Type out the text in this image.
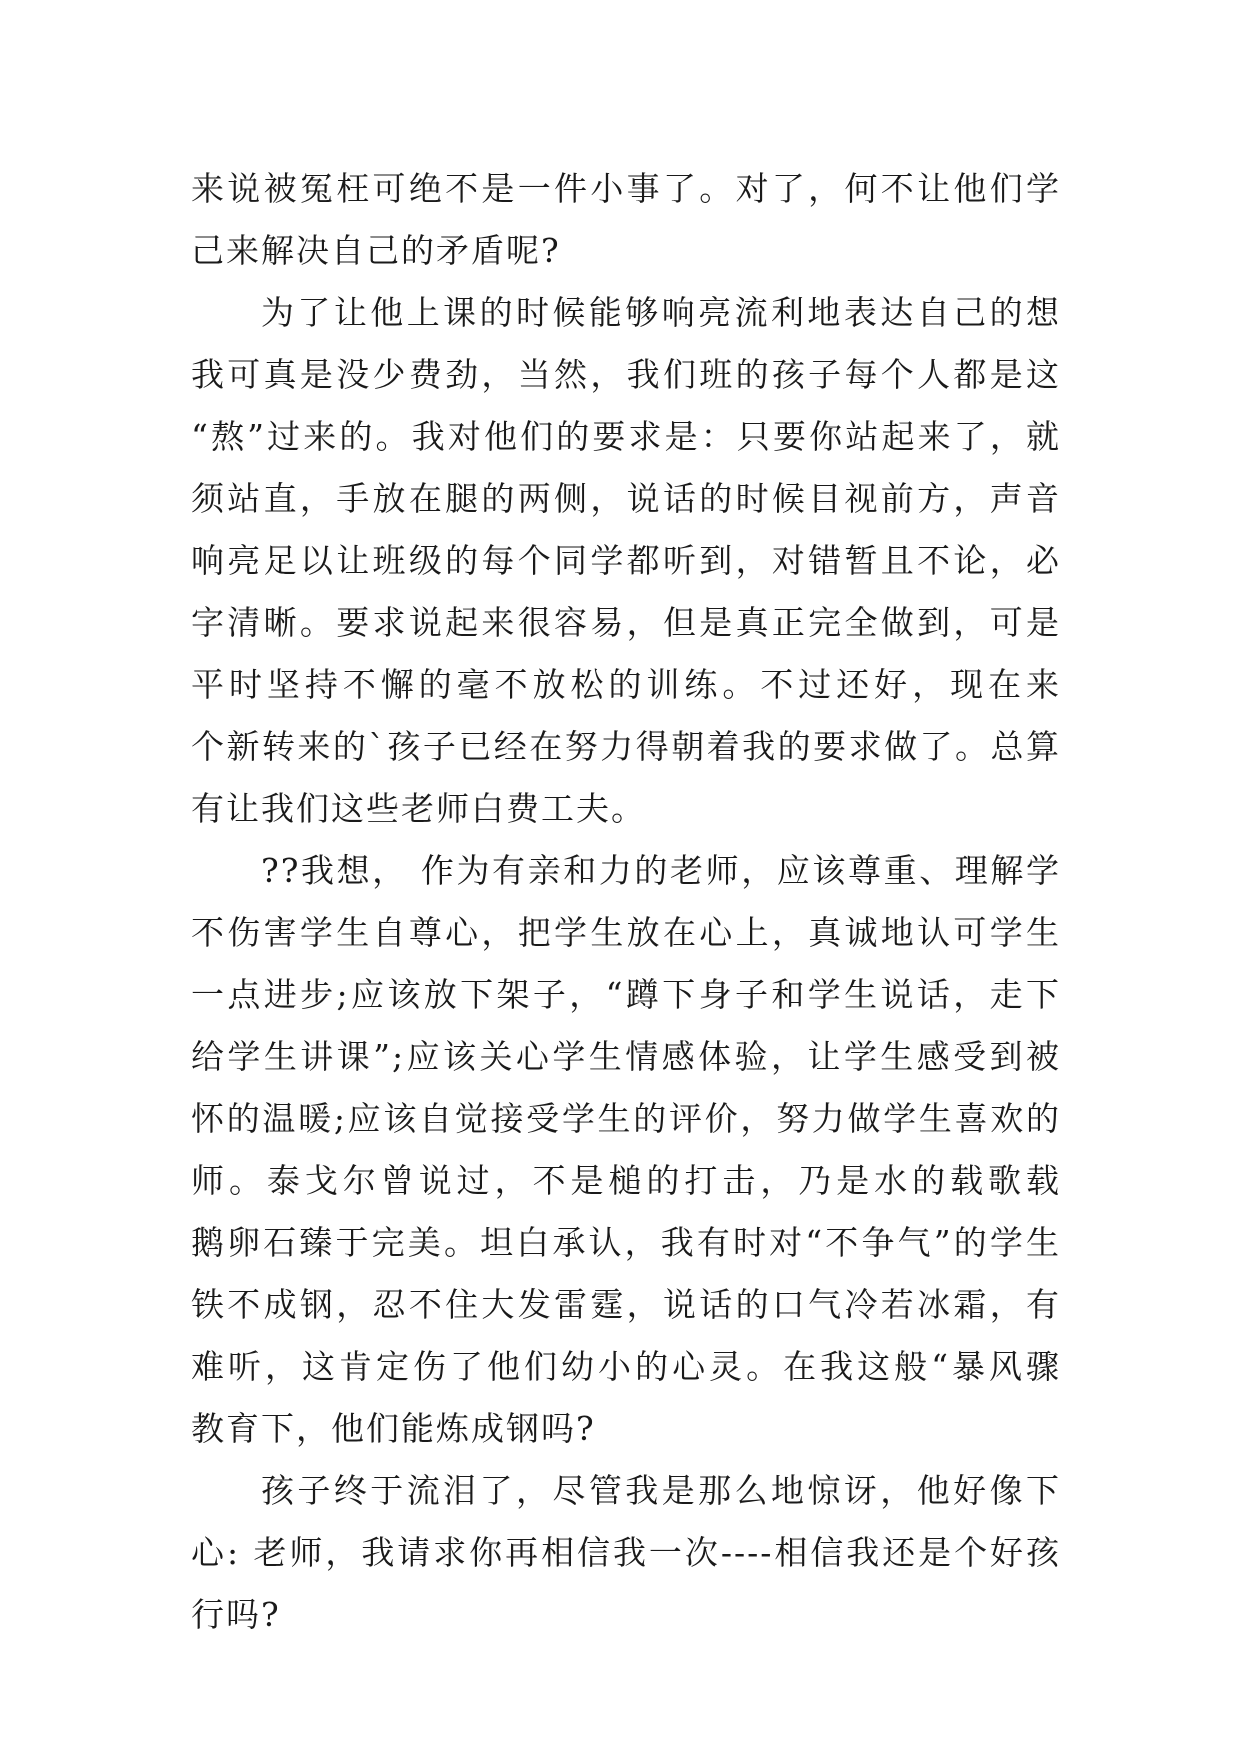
来说被冤枉可绝不是一件小事了。对了，何不让他们学
己来解决自己的矛盾呢?
为了让他上课的时候能够响亮流利地表达自己的想
我可真是没少费劲，当然，我们班的孩子每个人都是这
“熬”过来的。我对他们的要求是：只要你站起来了，就
须站直，手放在腿的两侧，说话的时候目视前方，声音
响亮足以让班级的每个同学都听到，对错暂且不论，必
字清晰。要求说起来很容易，但是真正完全做到，可是
平时坚持不懈的毫不放松的训练。不过还好，现在来
个新转来的`孩子已经在努力得朝着我的要求做了。总算
有让我们这些老师白费工夫。
??我想， 作为有亲和力的老师，应该尊重、理解学
不伤害学生自尊心，把学生放在心上，真诚地认可学生
一点进步;应该放下架子，“蹲下身子和学生说话，走下
给学生讲课”;应该关心学生情感体验，让学生感受到被
怀的温暖;应该自觉接受学生的评价，努力做学生喜欢的
师。泰戈尔曾说过，不是槌的打击，乃是水的载歌载
鹅卵石臻于完美。坦白承认，我有时对“不争气”的学生
铁不成钢，忍不住大发雷霆，说话的口气冷若冰霜，有
难听，这肯定伤了他们幼小的心灵。在我这般“暴风骤
教育下，他们能炼成钢吗?
孩子终于流泪了，尽管我是那么地惊讶，他好像下
心: 老师，我请求你再相信我一次----相信我还是个好孩
行吗?
